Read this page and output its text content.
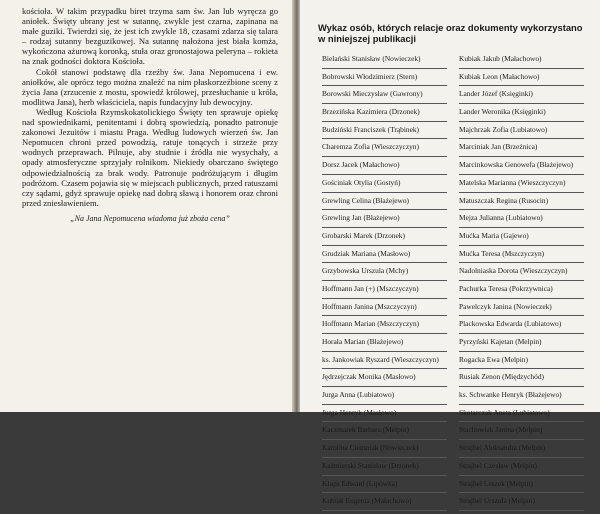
kościoła. W takim przypadku biret trzyma sam św. Jan lub wyręcza go aniołek. Święty ubrany jest w sutannę, zwykle jest czarna, zapinana na małe guziki. Twierdzi się, że jest ich zwykle 18, czasami zdarza się talara – rodzaj sutanny bezguzikowej. Na sutannę nałożona jest biała komża, wykończona ażurową koronką, stuła oraz gronostajowa peleryna – rokieta na znak godności doktora Kościoła.

Cokół stanowi podstawę dla rzeźby św. Jana Nepomucena i ew. aniołków, ale oprócz tego można znaleźć na nim płaskorzeźbione sceny z życia Jana (zrzucenie z mostu, spowiedź królowej, przesłuchanie u króla, modlitwa Jana), herb właściciela, napis fundacyjny lub dewocyjny.

Według Kościoła Rzymskokatolickiego Święty ten sprawuje opiekę nad spowiednikami, penitentami i dobrą spowiedzią, ponadto patronuje zakonowi Jezuitów i miastu Praga. Według ludowych wierzeń św. Jan Nepomucen chroni przed powodzią, ratuje tonących i strzeże przy wodnych przeprawach. Pilnuje, aby studnie i źródła nie wysychały, a opady atmosferyczne sprzyjały rolnikom. Niekiedy obarczano świętego odpowiedzialnością za brak wody. Patronuje podróżującym i długim podróżom. Czasem pojawia się w miejscach publicznych, przed ratuszami czy sądami, gdyż sprawuje opiekę nad dobrą sławą i honorem oraz chroni przed zniesławieniem.

„Na Jana Nepomucena wiadoma już zboża cena”
Wykaz osób, których relacje oraz dokumenty wykorzystano w niniejszej publikacji
Bielański Stanisław (Nowieczek)
Bobrowski Włodzimierz (Stern)
Borowski Mieczysław (Gawrony)
Brzezińska Kazimiera (Drzonek)
Budziński Franciszek (Trąbinek)
Charemza Zofia (Wieszczyczyn)
Dorsz Jacek (Małachowo)
Gościniak Otylia (Gostyń)
Grewling Celina (Błażejewo)
Grewling Jan (Błażejewo)
Grobarski Marek (Drzonek)
Grudziak Mariana (Masłowo)
Grzybowska Urszula (Mchy)
Hoffmann Jan (+) (Mszczyczyn)
Hoffmann Janina (Mszczyczyn)
Hoffmann Marian (Mszczyczyn)
Horała Marian (Błażejewo)
ks. Jankowiak Ryszard (Wieszczyczyn)
Jędrzejczak Monika (Masłowo)
Jurga Anna (Lubiatowo)
Jurga Henryk (Masłowo)
Kaczmarek Barbara (Melpin)
Karolina Ciemniak (Nowieczek)
Kaźmierski Stanisław (Drzonek)
Klups Edward (Lipówka)
Kubiak Eugenia (Małachowo)
Kubiak Jakub (Małachowo)
Kubiak Leon (Małachowo)
Lander Józef (Księginki)
Lander Weronika (Księginki)
Majchrzak Zofia (Lubiatowo)
Marciniak Jan (Brzeźnica)
Marcinkowska Genowefa (Błażejewo)
Matelska Marianna (Wieszczyczyn)
Matuszczak Regina (Rusocin)
Mejza Julianna (Lubiatowo)
Mućka Maria (Gajewo)
Mućka Teresa (Mszczyczyn)
Nadolniaska Dorota (Wieszczyczyn)
Pachurka Teresa (Pokrzywnica)
Pawelczyk Janina (Nowieczek)
Plackowska Edwarda (Lubiatowo)
Pyrzyński Kajetan (Melpin)
Rogacka Ewa (Melpin)
Rusiak Zenon (Międzychód)
ks. Schwanke Henryk (Błażejewo)
Skotarczak Aneta (Lubiatowo)
Stachowiak Janina (Melpin)
Strajbel Aleksandra (Melpin)
Strajbel Czesław (Melpin)
Strajbel Leszek (Melpin)
Strajbel Urszula (Melpin)
